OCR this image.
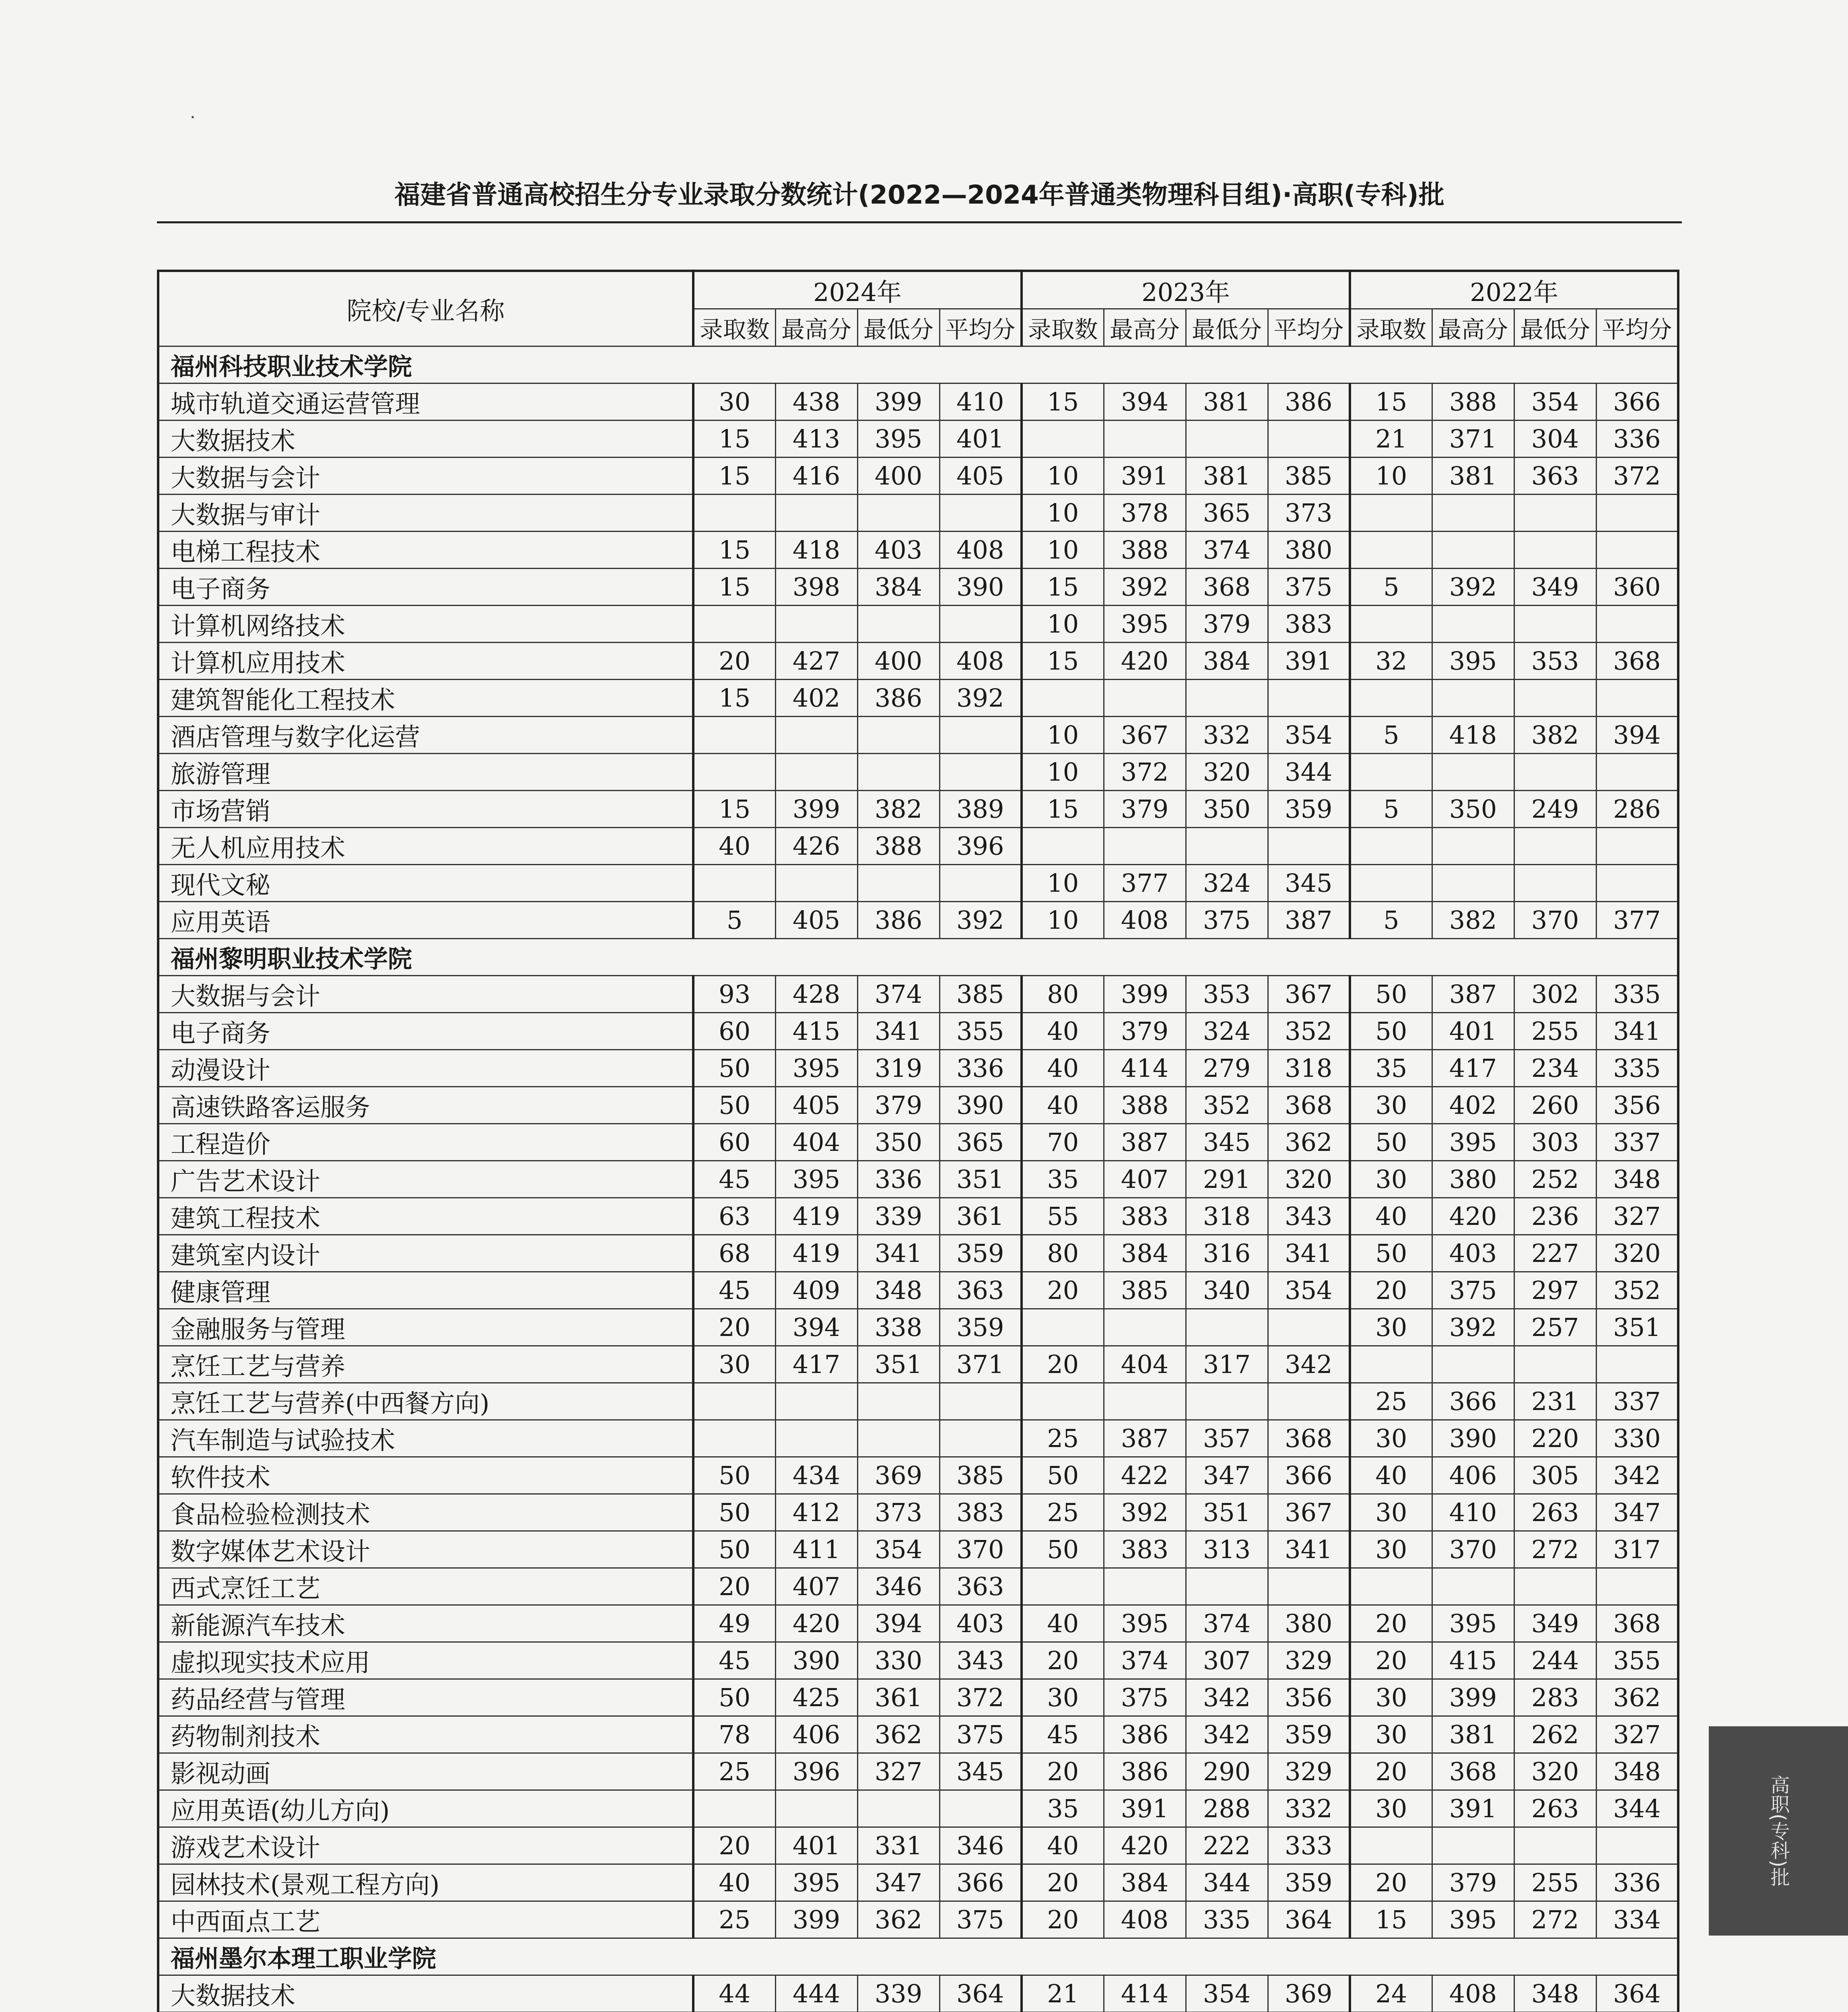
福建省普通高校招生分专业录取分数统计(2022—2024年普通类物理科目组)·高职(专科)批
院校/专业名称	2024年				2023年				2022年			
	录取数	最高分	最低分	平均分	录取数	最高分	最低分	平均分	录取数	最高分	最低分	平均分
福州科技职业技术学院												
城市轨道交通运营管理	30	438	399	410	15	394	381	386	15	388	354	366
大数据技术	15	413	395	401					21	371	304	336
大数据与会计	15	416	400	405	10	391	381	385	10	381	363	372
大数据与审计					10	378	365	373				
电梯工程技术	15	418	403	408	10	388	374	380				
电子商务	15	398	384	390	15	392	368	375	5	392	349	360
计算机网络技术					10	395	379	383				
计算机应用技术	20	427	400	408	15	420	384	391	32	395	353	368
建筑智能化工程技术	15	402	386	392								
酒店管理与数字化运营					10	367	332	354	5	418	382	394
旅游管理					10	372	320	344				
市场营销	15	399	382	389	15	379	350	359	5	350	249	286
无人机应用技术	40	426	388	396								
现代文秘					10	377	324	345				
应用英语	5	405	386	392	10	408	375	387	5	382	370	377
福州黎明职业技术学院												
大数据与会计	93	428	374	385	80	399	353	367	50	387	302	335
电子商务	60	415	341	355	40	379	324	352	50	401	255	341
动漫设计	50	395	319	336	40	414	279	318	35	417	234	335
高速铁路客运服务	50	405	379	390	40	388	352	368	30	402	260	356
工程造价	60	404	350	365	70	387	345	362	50	395	303	337
广告艺术设计	45	395	336	351	35	407	291	320	30	380	252	348
建筑工程技术	63	419	339	361	55	383	318	343	40	420	236	327
建筑室内设计	68	419	341	359	80	384	316	341	50	403	227	320
健康管理	45	409	348	363	20	385	340	354	20	375	297	352
金融服务与管理	20	394	338	359					30	392	257	351
烹饪工艺与营养	30	417	351	371	20	404	317	342				
烹饪工艺与营养(中西餐方向)									25	366	231	337
汽车制造与试验技术					25	387	357	368	30	390	220	330
软件技术	50	434	369	385	50	422	347	366	40	406	305	342
食品检验检测技术	50	412	373	383	25	392	351	367	30	410	263	347
数字媒体艺术设计	50	411	354	370	50	383	313	341	30	370	272	317
西式烹饪工艺	20	407	346	363								
新能源汽车技术	49	420	394	403	40	395	374	380	20	395	349	368
虚拟现实技术应用	45	390	330	343	20	374	307	329	20	415	244	355
药品经营与管理	50	425	361	372	30	375	342	356	30	399	283	362
药物制剂技术	78	406	362	375	45	386	342	359	30	381	262	327
影视动画	25	396	327	345	20	386	290	329	20	368	320	348
应用英语(幼儿方向)					35	391	288	332	30	391	263	344
游戏艺术设计	20	401	331	346	40	420	222	333				
园林技术(景观工程方向)	40	395	347	366	20	384	344	359	20	379	255	336
中西面点工艺	25	399	362	375	20	408	335	364	15	395	272	334
福州墨尔本理工职业学院												
大数据技术	44	444	339	364	21	414	354	369	24	408	348	364

高职(专科)批
